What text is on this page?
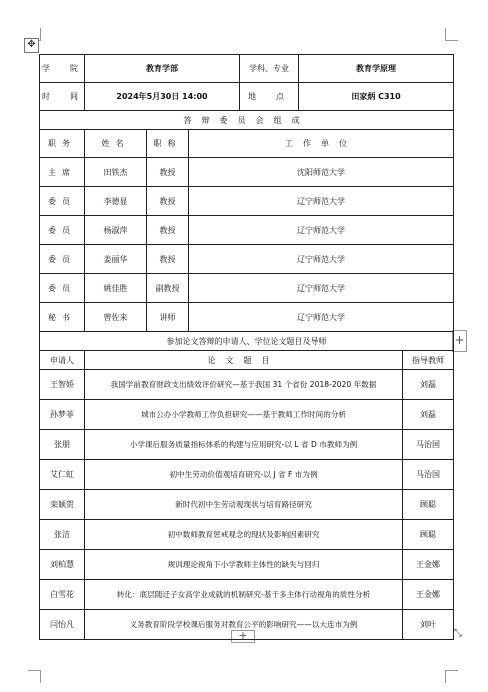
✥
+
+	⤡
学　院	教育学部			学科、专业	教育学原理	
时　间	2024年5月30日 14:00			地　点	田家炳 C310	
答辩委员会组成						
职务	姓名	职称	工作单位			
主席	田铁杰	教授	沈阳师范大学			
委员	李德显	教授	辽宁师范大学			
委员	杨淑萍	教授	辽宁师范大学			
委员	姜丽华	教授	辽宁师范大学			
委员	姚佳胜	副教授	辽宁师范大学			
秘书	曾佐来	讲师	辽宁师范大学			
参加论文答辩的申请人、学位论文题目及导师						
申请人	论文题目					指导教师
王智娇	我国学前教育财政支出绩效评价研究—基于我国 31 个省份 2018-2020 年数据					刘磊
孙梦菲	城市公办小学教师工作负担研究——基于教师工作时间的分析					刘磊
张朋	小学课后服务质量指标体系的构建与应用研究-以 L 省 D 市教师为例					马治国
艾仁虹	初中生劳动价值观培育研究-以 J 省 F 市为例					马治国
栾颖贺	新时代初中生劳动观现状与培育路径研究					顾聪
张洁	初中数师教育惩戒观念的现状及影响因素研究					顾聪
刘柏慧	规训理论视角下小学教师主体性的缺失与回归					王金娜
白雪花	转化：底层随迁子女高学业成就的机制研究-基于多主体行动视角的质性分析					王金娜
闫怡凡	义务教育阶段学校课后服务对教育公平的影响研究——以大连市为例					刘叶
